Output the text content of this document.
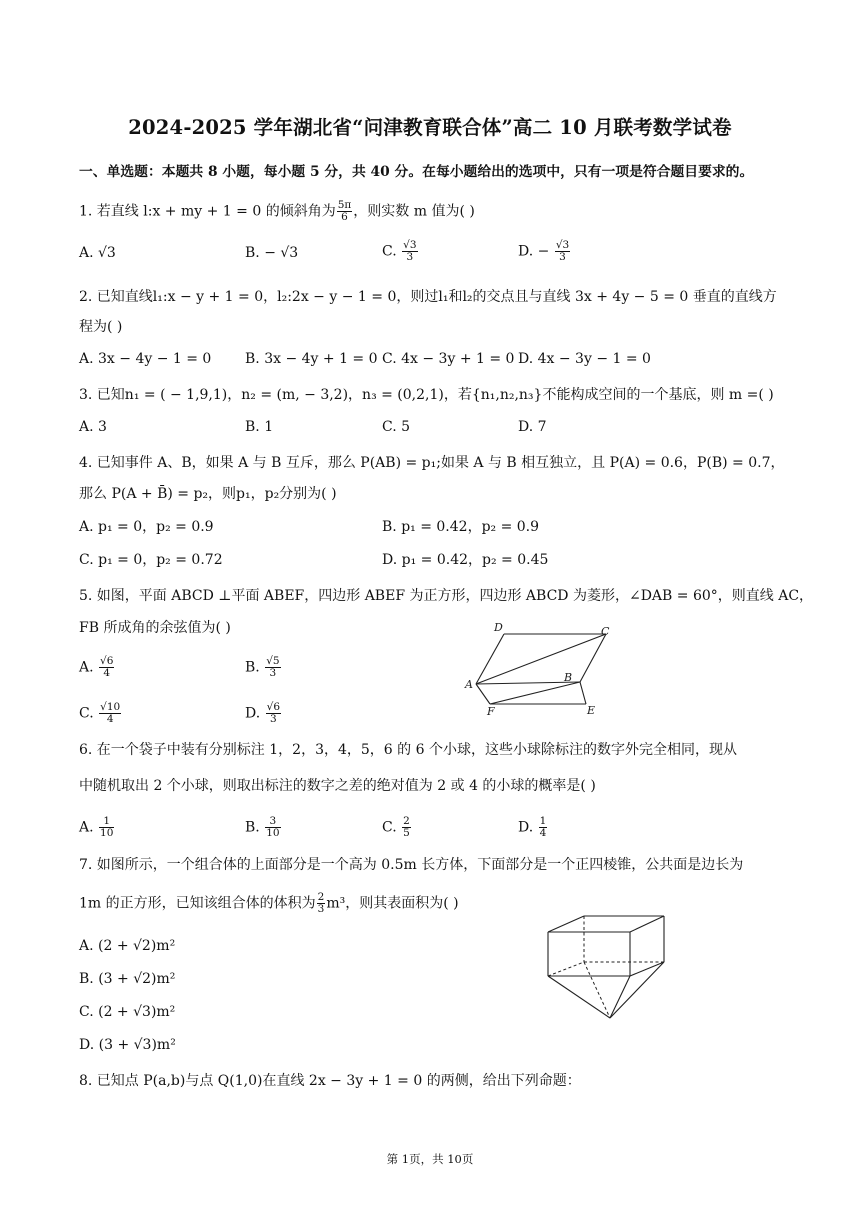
2024-2025 学年湖北省“问津教育联合体”高二 10 月联考数学试卷
一、单选题：本题共 8 小题，每小题 5 分，共 40 分。在每小题给出的选项中，只有一项是符合题目要求的。
1. 若直线 l:x + my + 1 = 0 的倾斜角为 $\frac{5\pi}{6}$ ，则实数 m 值为( )
A. √3	B. − √3	C. $\frac{√3}{3}$	D. − $\frac{√3}{3}$
2. 已知直线l₁:x − y + 1 = 0，l₂:2x − y − 1 = 0，则过l₁和l₂的交点且与直线 3x + 4y − 5 = 0 垂直的直线方
程为( )
A. 3x − 4y − 1 = 0 B. 3x − 4y + 1 = 0 C. 4x − 3y + 1 = 0 D. 4x − 3y − 1 = 0
3. 已知n₁ = ( − 1,9,1)，n₂ = (m, − 3,2)，n₃ = (0,2,1)，若{n₁,n₂,n₃}不能构成空间的一个基底，则 m =( )
A. 3	B. 1	C. 5	D. 7
4. 已知事件 A、B，如果 A 与 B 互斥，那么 P(AB) = p₁;如果 A 与 B 相互独立，且 P(A) = 0.6，P(B) = 0.7，
那么 P(A + B̄) = p₂，则p₁，p₂分别为( )
A. p₁ = 0，p₂ = 0.9	B. p₁ = 0.42，p₂ = 0.9
C. p₁ = 0，p₂ = 0.72	D. p₁ = 0.42，p₂ = 0.45
5. 如图，平面 ABCD ⊥平面 ABEF，四边形 ABEF 为正方形，四边形 ABCD 为菱形，∠DAB = 60°，则直线 AC，
FB 所成角的余弦值为( )
A. $\frac{√6}{4}$	B. $\frac{√5}{3}$
C. $\frac{√10}{4}$	D. $\frac{√6}{3}$
D	C
A
B
F	E
6. 在一个袋子中装有分别标注 1，2，3，4，5，6 的 6 个小球，这些小球除标注的数字外完全相同，现从
中随机取出 2 个小球，则取出标注的数字之差的绝对值为 2 或 4 的小球的概率是( )
A. $\frac{1}{10}$	B. $\frac{3}{10}$	C. $\frac{2}{5}$	D. $\frac{1}{4}$
7. 如图所示，一个组合体的上面部分是一个高为 0.5m 长方体，下面部分是一个正四棱锥，公共面是边长为
1m 的正方形，已知该组合体的体积为 $\frac{2}{3} m^3$，则其表面积为( )
A. (2 + √2)m²
B. (3 + √2)m²
C. (2 + √3)m²
D. (3 + √3)m²
8. 已知点 P(a,b)与点 Q(1,0)在直线 2x − 3y + 1 = 0 的两侧，给出下列命题：
第 1页，共 10页
